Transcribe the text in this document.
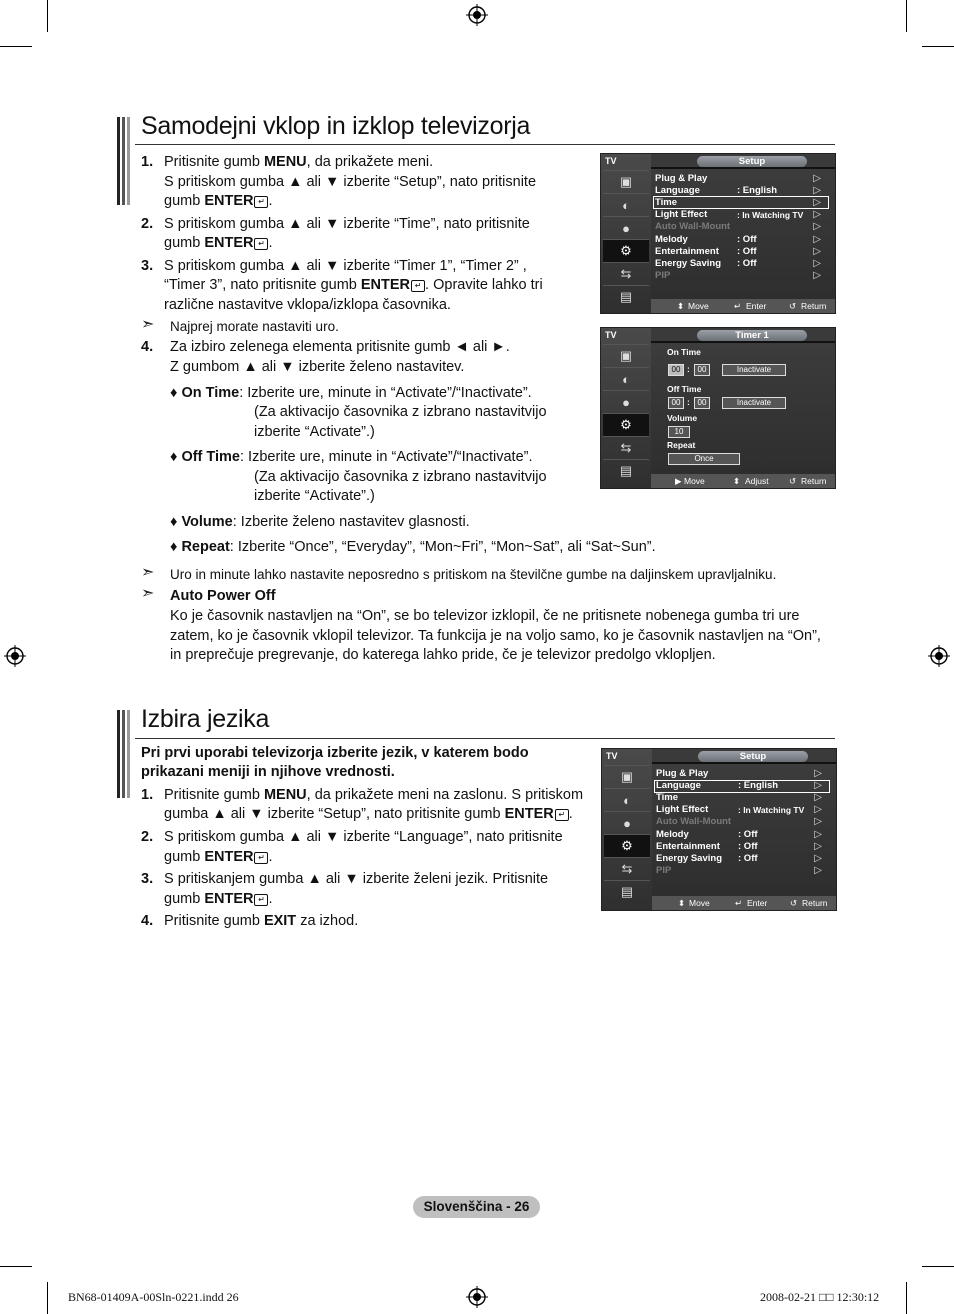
Samodejni vklop in izklop televizorja
1. Pritisnite gumb MENU, da prikažete meni.
S pritiskom gumba ▲ ali ▼ izberite “Setup”, nato pritisnite
gumb ENTER ↵ .
2. S pritiskom gumba ▲ ali ▼ izberite “Time”, nato pritisnite
gumb ENTER ↵ .
3. S pritiskom gumba ▲ ali ▼ izberite “Timer 1”, “Timer 2” ,
“Timer 3”, nato pritisnite gumb ENTER ↵ . Opravite lahko tri
različne nastavitve vklopa/izklopa časovnika.
➣ Najprej morate nastaviti uro.
4. Za izbiro zelenega elementa pritisnite gumb ◄ ali ►.
Z gumbom ▲ ali ▼ izberite želeno nastavitev.
♦ On Time: Izberite ure, minute in “Activate”/“Inactivate”.
(Za aktivacijo časovnika z izbrano nastavitvijo
izberite “Activate”.)
♦ Off Time: Izberite ure, minute in “Activate”/“Inactivate”.
(Za aktivacijo časovnika z izbrano nastavitvijo
izberite “Activate”.)
♦ Volume: Izberite želeno nastavitev glasnosti.
♦ Repeat: Izberite “Once”, “Everyday”, “Mon~Fri”, “Mon~Sat”, ali “Sat~Sun”.
➣ Uro in minute lahko nastavite neposredno s pritiskom na številčne gumbe na daljinskem upravljalniku.
➣ Auto Power Off
Ko je časovnik nastavljen na “On”, se bo televizor izklopil, če ne pritisnete nobenega gumba tri ure
zatem, ko je časovnik vklopil televizor. Ta funkcija je na voljo samo, ko je časovnik nastavljen na “On”,
in preprečuje pregrevanje, do katerega lahko pride, če je televizor predolgo vklopljen.
TV	Setup
▣
◐
●
⚙
⇆
▤
Plug & Play
Language	: English
Time
Light Effect	: In Watching TV
Auto Wall-Mount
Melody	: Off
Entertainment : Off
Energy Saving : Off
PIP
▷
▷
▷
▷
▷
▷
▷
▷
▷
⬍ Move	↵ Enter	↺ Return
TV	Timer 1
▣
◐
●
⚙
⇆
▤
On Time
00 : 00	Inactivate
Off Time
00 : 00	Inactivate
Volume
10
Repeat
Once
▶ Move	⬍ Adjust ↺ Return
Izbira jezika
Pri prvi uporabi televizorja izberite jezik, v katerem bodo
prikazani meniji in njihove vrednosti.
1. Pritisnite gumb MENU, da prikažete meni na zaslonu. S pritiskom
gumba ▲ ali ▼ izberite “Setup”, nato pritisnite gumb ENTER ↵ .
2. S pritiskom gumba ▲ ali ▼ izberite “Language”, nato pritisnite
gumb ENTER ↵ .
3. S pritiskanjem gumba ▲ ali ▼ izberite želeni jezik. Pritisnite
gumb ENTER ↵ .
4. Pritisnite gumb EXIT za izhod.
TV	Setup
▣
◐
●
⚙
⇆
▤
Plug & Play
Language	: English
Time
Light Effect	: In Watching TV
Auto Wall-Mount
Melody	: Off
Entertainment : Off
Energy Saving : Off
PIP
▷
▷
▷
▷
▷
▷
▷
▷
▷
⬍ Move	↵ Enter	↺ Return
Slovenščina - 26
BN68-01409A-00Sln-0221.indd 26	2008-02-21 □□ 12:30:12
